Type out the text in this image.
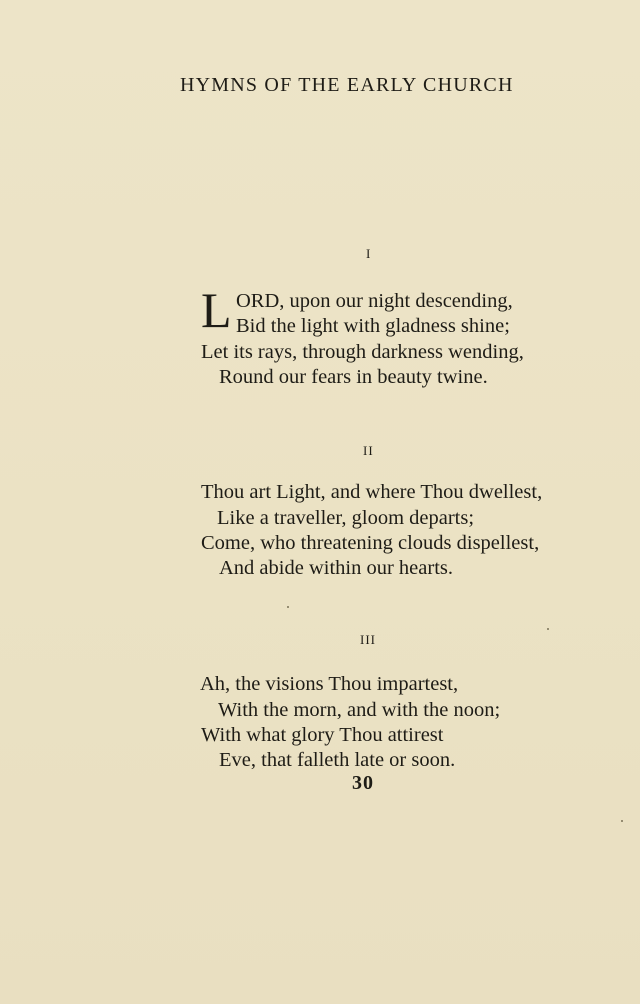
HYMNS OF THE EARLY CHURCH
I
L ORD, upon our night descending,
Bid the light with gladness shine;
Let its rays, through darkness wending,
Round our fears in beauty twine.
II
Thou art Light, and where Thou dwellest,
Like a traveller, gloom departs;
Come, who threatening clouds dispellest,
And abide within our hearts.
III
Ah, the visions Thou impartest,
With the morn, and with the noon;
With what glory Thou attirest
Eve, that falleth late or soon.
30
